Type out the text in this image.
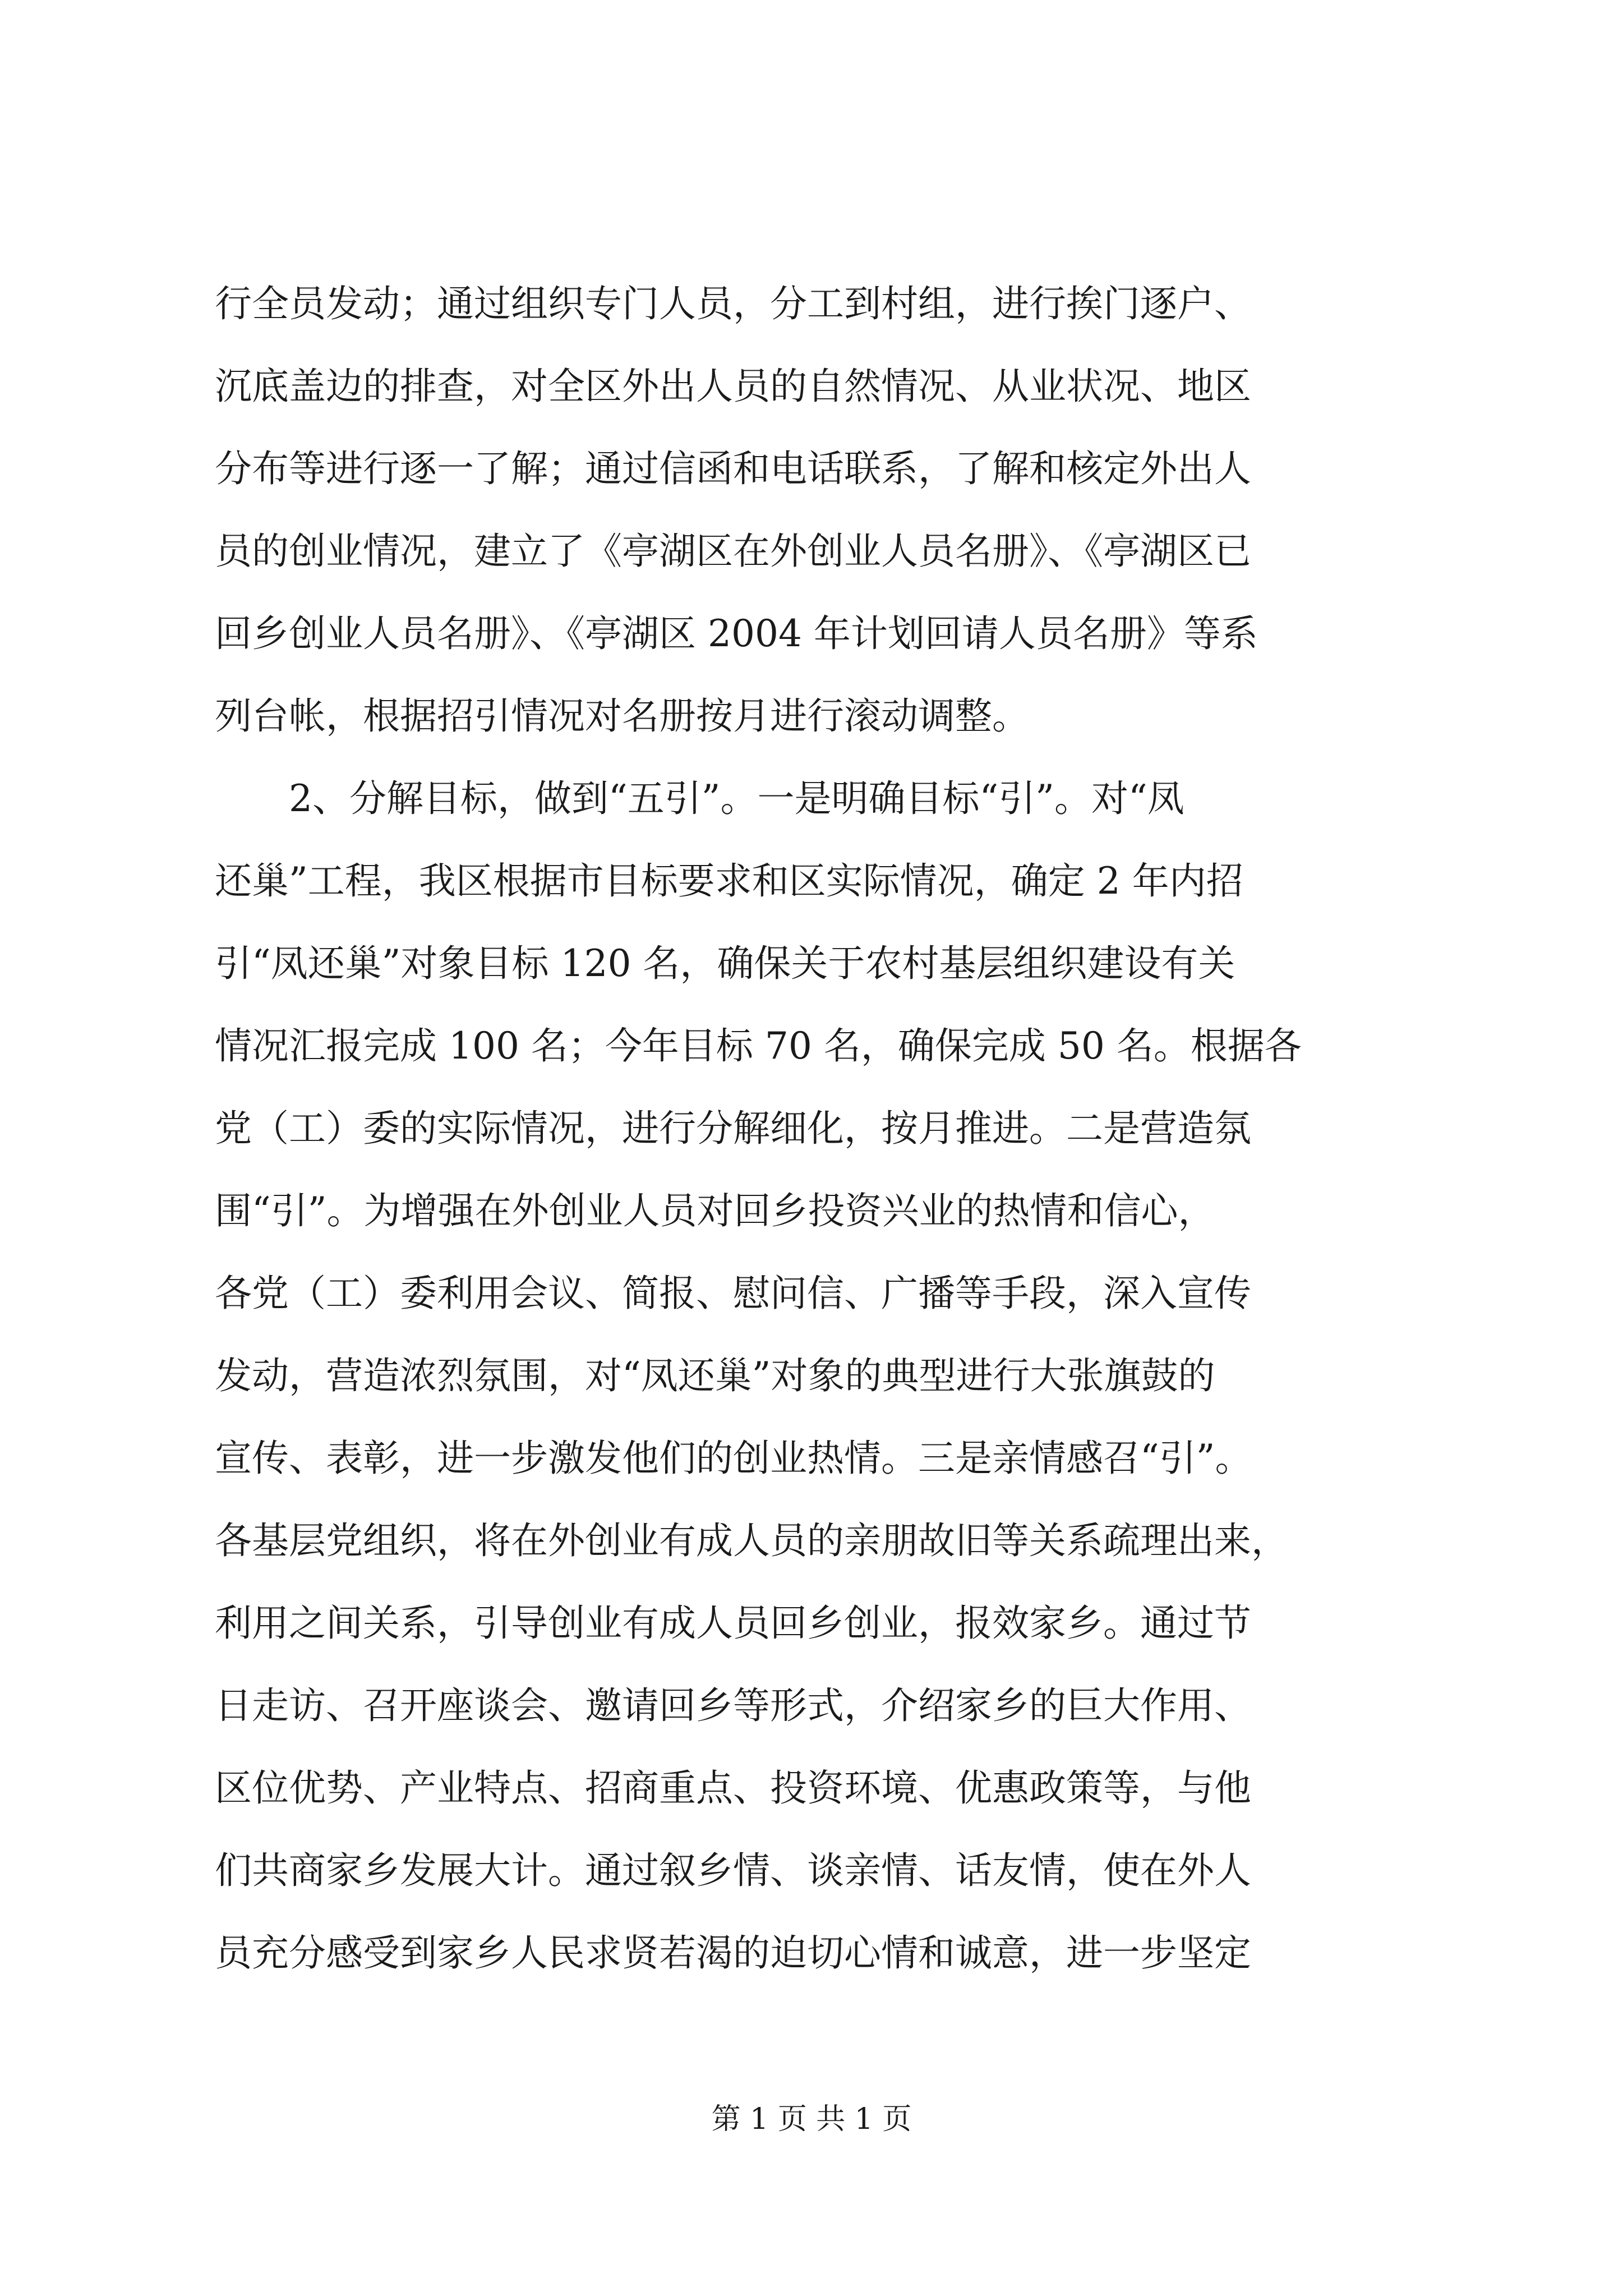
行全员发动；通过组织专门人员，分工到村组，进行挨门逐户、
沉底盖边的排查，对全区外出人员的自然情况、从业状况、地区
分布等进行逐一了解；通过信函和电话联系，了解和核定外出人
员的创业情况，建立了《亭湖区在外创业人员名册》、《亭湖区已
回乡创业人员名册》、《亭湖区 2004 年计划回请人员名册》等系
列台帐，根据招引情况对名册按月进行滚动调整。
　　2、分解目标，做到“五引”。一是明确目标“引”。对“凤
还巢”工程，我区根据市目标要求和区实际情况，确定 2 年内招
引“凤还巢”对象目标 120 名，确保关于农村基层组织建设有关
情况汇报完成 100 名；今年目标 70 名，确保完成 50 名。根据各
党（工）委的实际情况，进行分解细化，按月推进。二是营造氛
围“引”。为增强在外创业人员对回乡投资兴业的热情和信心，
各党（工）委利用会议、简报、慰问信、广播等手段，深入宣传
发动，营造浓烈氛围，对“凤还巢”对象的典型进行大张旗鼓的
宣传、表彰，进一步激发他们的创业热情。三是亲情感召“引”。
各基层党组织，将在外创业有成人员的亲朋故旧等关系疏理出来，
利用之间关系，引导创业有成人员回乡创业，报效家乡。通过节
日走访、召开座谈会、邀请回乡等形式，介绍家乡的巨大作用、
区位优势、产业特点、招商重点、投资环境、优惠政策等，与他
们共商家乡发展大计。通过叙乡情、谈亲情、话友情，使在外人
员充分感受到家乡人民求贤若渴的迫切心情和诚意，进一步坚定
第 1 页 共 1 页
